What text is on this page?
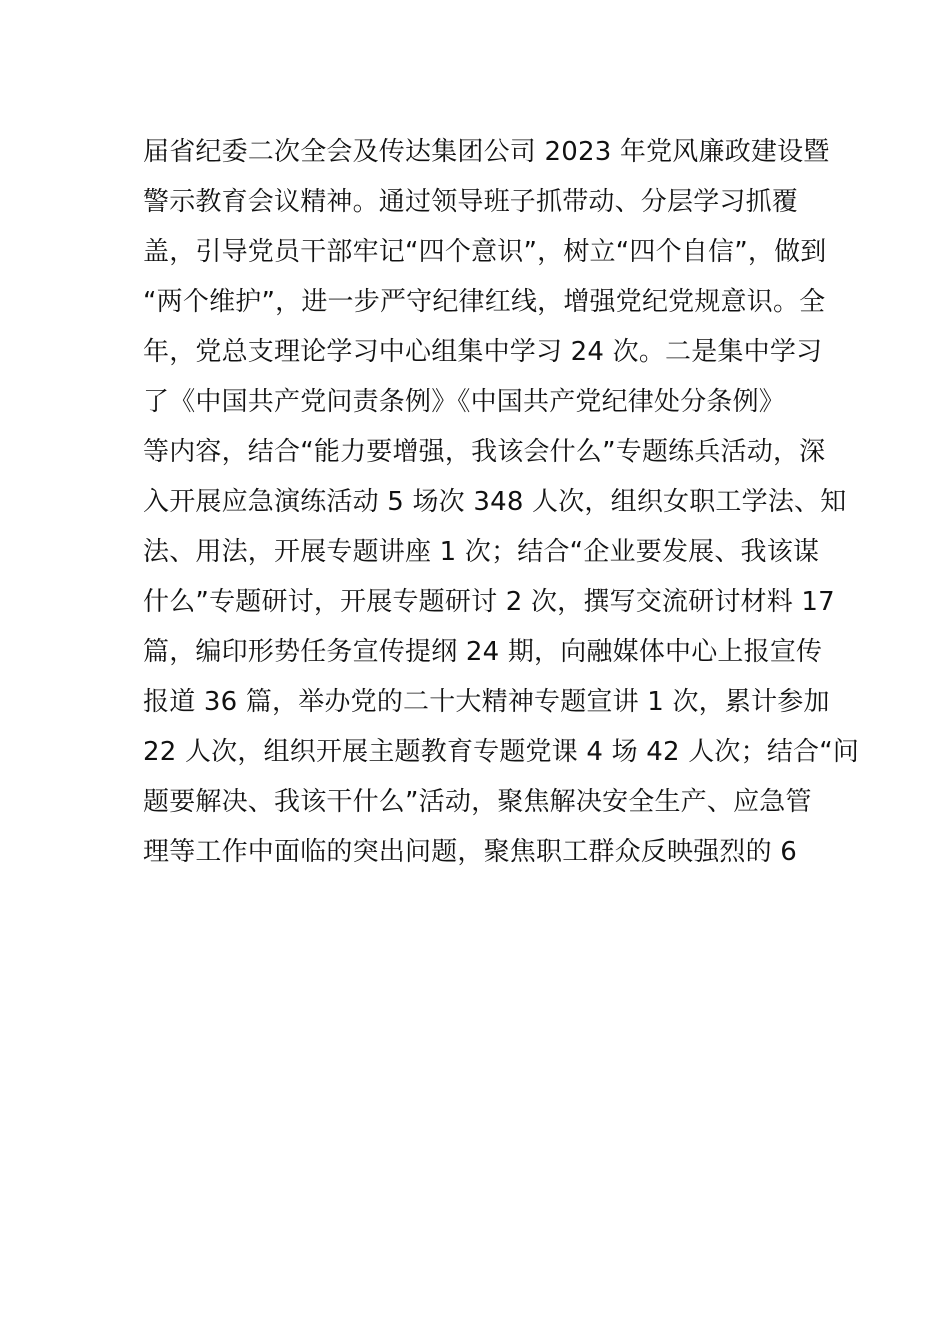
届省纪委二次全会及传达集团公司 2023 年党风廉政建设暨
警示教育会议精神。通过领导班子抓带动、分层学习抓覆
盖，引导党员干部牢记“四个意识”，树立“四个自信”，做到
“两个维护”，进一步严守纪律红线，增强党纪党规意识。全
年，党总支理论学习中心组集中学习 24 次。二是集中学习
了《中国共产党问责条例》《中国共产党纪律处分条例》
等内容，结合“能力要增强，我该会什么”专题练兵活动，深
入开展应急演练活动 5 场次 348 人次，组织女职工学法、知
法、用法，开展专题讲座 1 次；结合“企业要发展、我该谋
什么”专题研讨，开展专题研讨 2 次，撰写交流研讨材料 17
篇，编印形势任务宣传提纲 24 期，向融媒体中心上报宣传
报道 36 篇，举办党的二十大精神专题宣讲 1 次，累计参加
22 人次，组织开展主题教育专题党课 4 场 42 人次；结合“问
题要解决、我该干什么”活动，聚焦解决安全生产、应急管
理等工作中面临的突出问题，聚焦职工群众反映强烈的 6
